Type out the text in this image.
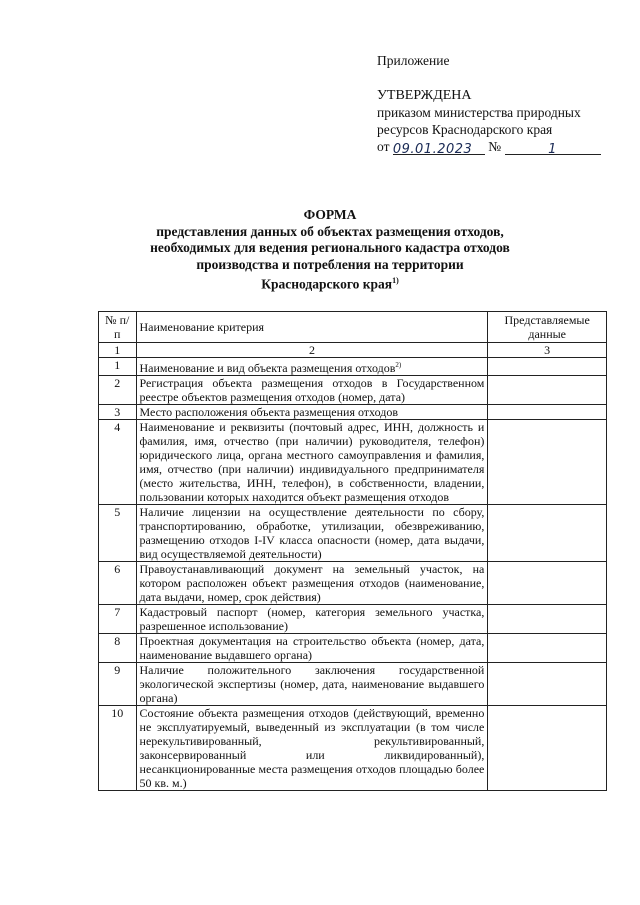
Приложение
УТВЕРЖДЕНА
приказом министерства природных
ресурсов Краснодарского края
от 09.01.2023 №	1
ФОРМА
представления данных об объектах размещения отходов,
необходимых для ведения регионального кадастра отходов
производства и потребления на территории
Краснодарского края$^{1)}$
№ п/п	Наименование критерия	Представляемые данные
1	2	3
1	Наименование и вид объекта размещения отходов$^{2)}$	
2	Регистрация объекта размещения отходов в Государственном реестре объектов размещения отходов (номер, дата)	
3	Место расположения объекта размещения отходов	
4	Наименование и реквизиты (почтовый адрес, ИНН, должность и фамилия, имя, отчество (при наличии) руководителя, телефон) юридического лица, органа местного самоуправления и фамилия, имя, отчество (при наличии) индивидуального предпринимателя (место жительства, ИНН, телефон), в собственности, владении, пользовании которых находится объект размещения отходов	
5	Наличие лицензии на осуществление деятельности по сбору, транспортированию, обработке, утилизации, обезвреживанию, размещению отходов I-IV класса опасности (номер, дата выдачи, вид осуществляемой деятельности)	
6	Правоустанавливающий документ на земельный участок, на котором расположен объект размещения отходов (наименование, дата выдачи, номер, срок действия)	
7	Кадастровый паспорт (номер, категория земельного участка, разрешенное использование)	
8	Проектная документация на строительство объекта (номер, дата, наименование выдавшего органа)	
9	Наличие положительного заключения государственной экологической экспертизы (номер, дата, наименование выдавшего органа)	
10	Состояние объекта размещения отходов (действующий, временно не эксплуатируемый, выведенный из эксплуатации (в том числе нерекультивированный, рекультивированный, законсервированный или ликвидированный), несанкционированные места размещения отходов площадью более 50 кв. м.)	
